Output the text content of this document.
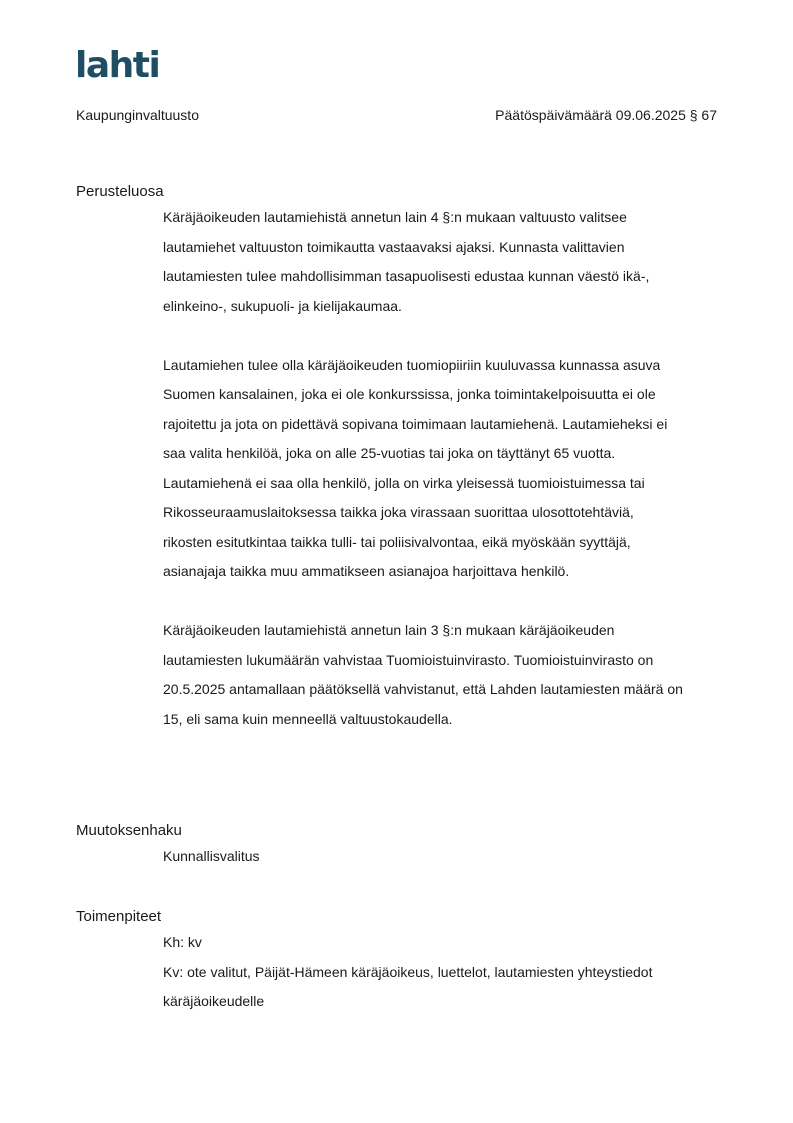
lahti
Kaupunginvaltuusto	Päätöspäivämäärä 09.06.2025 § 67
Perusteluosa

Käräjäoikeuden lautamiehistä annetun lain 4 §:n mukaan valtuusto valitsee
lautamiehet valtuuston toimikautta vastaavaksi ajaksi. Kunnasta valittavien
lautamiesten tulee mahdollisimman tasapuolisesti edustaa kunnan väestö ikä-,
elinkeino-, sukupuoli- ja kielijakaumaa.

Lautamiehen tulee olla käräjäoikeuden tuomiopiiriin kuuluvassa kunnassa asuva
Suomen kansalainen, joka ei ole konkurssissa, jonka toimintakelpoisuutta ei ole
rajoitettu ja jota on pidettävä sopivana toimimaan lautamiehenä. Lautamieheksi ei
saa valita henkilöä, joka on alle 25-vuotias tai joka on täyttänyt 65 vuotta.
Lautamiehenä ei saa olla henkilö, jolla on virka yleisessä tuomioistuimessa tai
Rikosseuraamuslaitoksessa taikka joka virassaan suorittaa ulosottotehtäviä,
rikosten esitutkintaa taikka tulli- tai poliisivalvontaa, eikä myöskään syyttäjä,
asianajaja taikka muu ammatikseen asianajoa harjoittava henkilö.

Käräjäoikeuden lautamiehistä annetun lain 3 §:n mukaan käräjäoikeuden
lautamiesten lukumäärän vahvistaa Tuomioistuinvirasto. Tuomioistuinvirasto on
20.5.2025 antamallaan päätöksellä vahvistanut, että Lahden lautamiesten määrä on
15, eli sama kuin menneellä valtuustokaudella.

Muutoksenhaku
Kunnallisvalitus
Toimenpiteet
Kh: kv
Kv: ote valitut, Päijät-Hämeen käräjäoikeus, luettelot, lautamiesten yhteystiedot
käräjäoikeudelle
